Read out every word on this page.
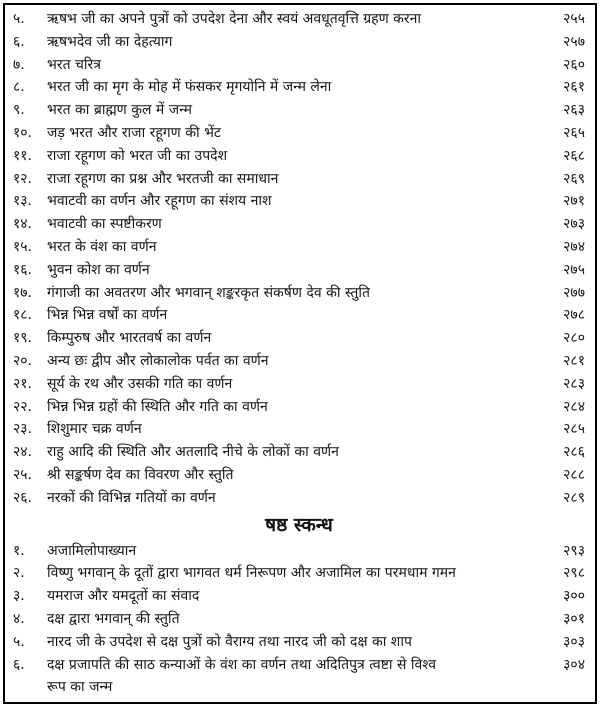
५.	ऋषभ जी का अपने पुत्रों को उपदेश देना और स्वयं अवधूतवृत्ति ग्रहण करना	२५५
६.	ऋषभदेव जी का देहत्याग	२५७
७.	भरत चरित्र	२६०
८.	भरत जी का मृग के मोह में फंसकर मृगयोनि में जन्म लेना	२६१
९.	भरत का ब्राह्मण कुल में जन्म	२६३
१०.	जड़ भरत और राजा रहूगण की भेंट	२६५
११.	राजा रहूगण को भरत जी का उपदेश	२६८
१२.	राजा रहूगण का प्रश्न और भरतजी का समाधान	२६९
१३.	भवाटवी का वर्णन और रहूगण का संशय नाश	२७१
१४.	भवाटवी का स्पष्टीकरण	२७३
१५.	भरत के वंश का वर्णन	२७४
१६.	भुवन कोश का वर्णन	२७५
१७.	गंगाजी का अवतरण और भगवान् शङ्करकृत संकर्षण देव की स्तुति	२७७
१८.	भिन्न भिन्न वर्षों का वर्णन	२७८
१९.	किम्पुरुष और भारतवर्ष का वर्णन	२८०
२०.	अन्य छः द्वीप और लोकालोक पर्वत का वर्णन	२८१
२१.	सूर्य के रथ और उसकी गति का वर्णन	२८३
२२.	भिन्न भिन्न ग्रहों की स्थिति और गति का वर्णन	२८४
२३.	शिशुमार चक्र वर्णन	२८५
२४.	राहु आदि की स्थिति और अतलादि नीचे के लोकों का वर्णन	२८६
२५.	श्री सङ्कर्षण देव का विवरण और स्तुति	२८८
२६.	नरकों की विभिन्न गतियों का वर्णन	२८९
षष्ठ स्कन्ध
१.	अजामिलोपाख्यान	२९३
२.	विष्णु भगवान् के दूतों द्वारा भागवत धर्म निरूपण और अजामिल का परमधाम गमन	२९८
३.	यमराज और यमदूतों का संवाद	३००
४.	दक्ष द्वारा भगवान् की स्तुति	३०१
५.	नारद जी के उपदेश से दक्ष पुत्रों को वैराग्य तथा नारद जी को दक्ष का शाप	३०३
६.	दक्ष प्रजापति की साठ कन्याओं के वंश का वर्णन तथा अदितिपुत्र त्वष्टा से विश्व	३०४
रूप का जन्म
